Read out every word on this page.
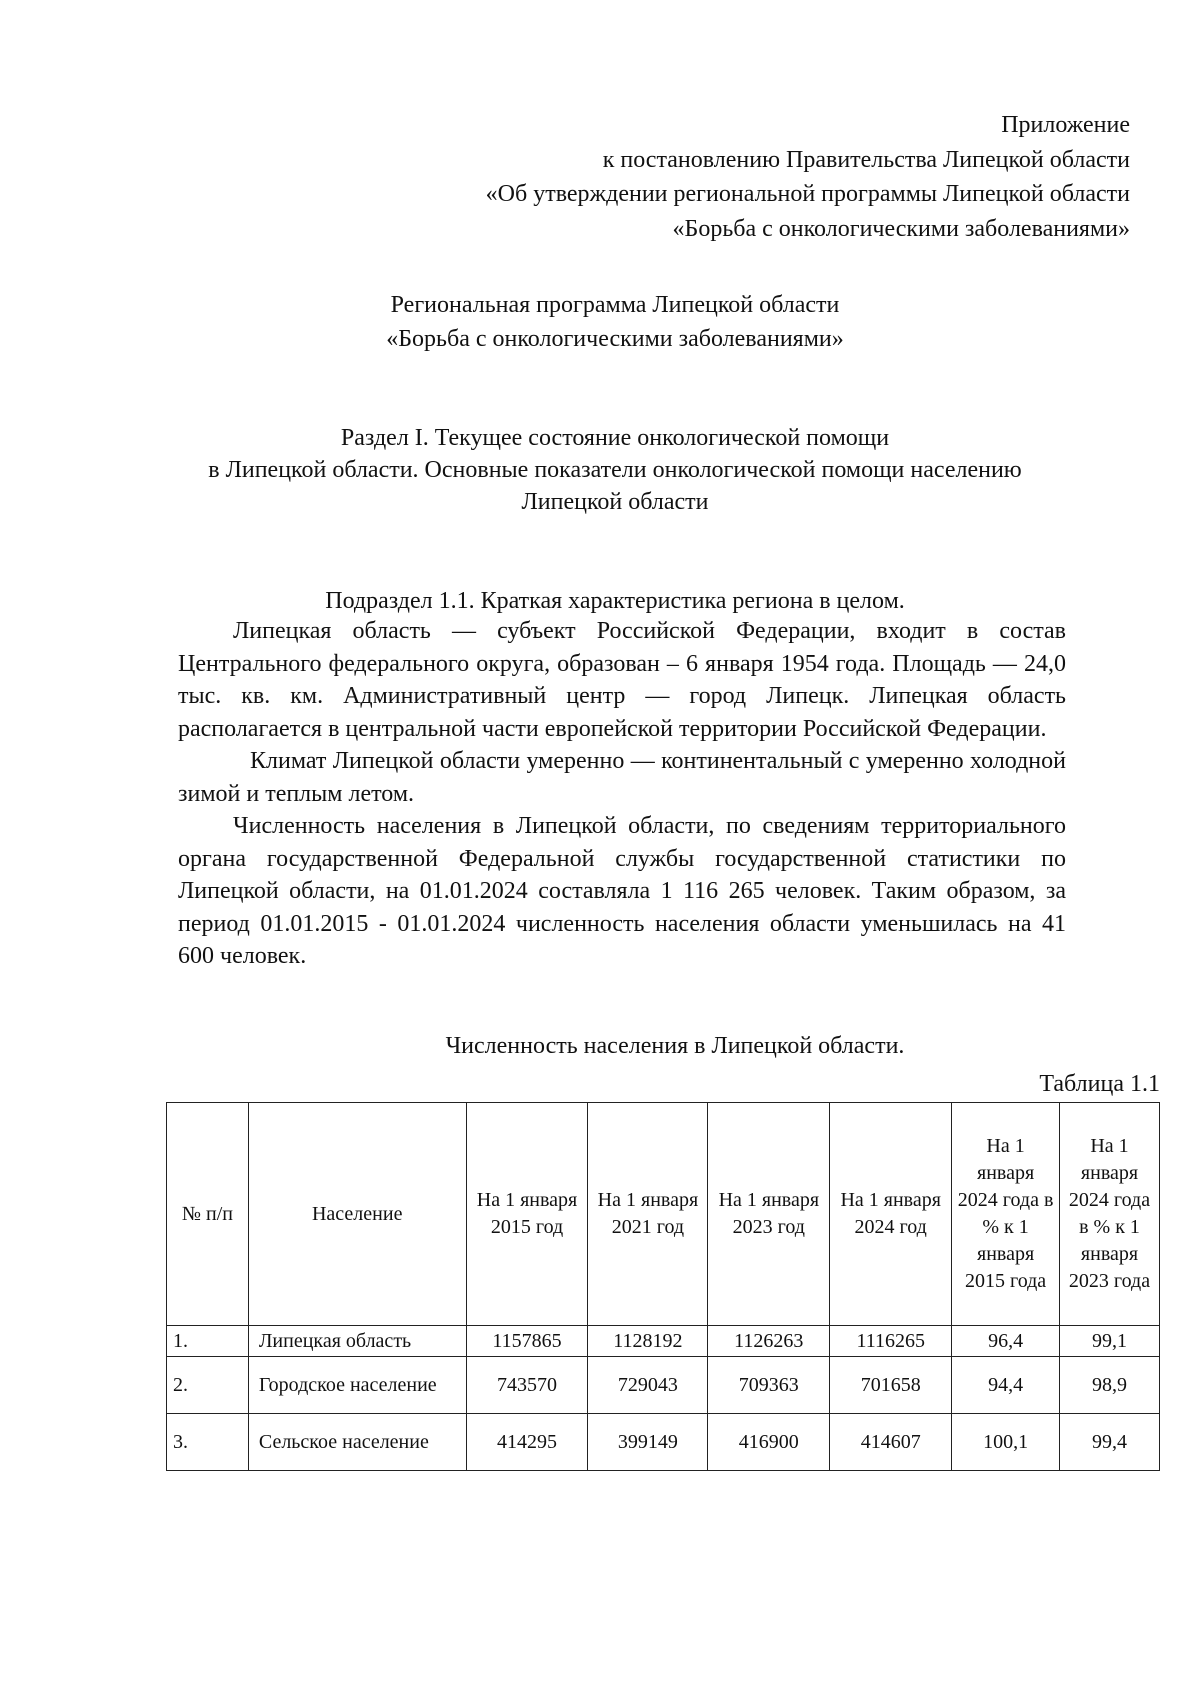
Приложение
к постановлению Правительства Липецкой области
«Об утверждении региональной программы Липецкой области
«Борьба с онкологическими заболеваниями»
Региональная программа Липецкой области
«Борьба с онкологическими заболеваниями»
Раздел I. Текущее состояние онкологической помощи
в Липецкой области. Основные показатели онкологической помощи населению
Липецкой области
Подраздел 1.1. Краткая характеристика региона в целом.

Липецкая область — субъект Российской Федерации, входит в состав Центрального федерального округа, образован – 6 января 1954 года. Площадь — 24,0 тыс. кв. км. Административный центр — город Липецк. Липецкая область располагается в центральной части европейской территории Российской Федерации.

Климат Липецкой области умеренно — континентальный с умеренно холодной зимой и теплым летом.

Численность населения в Липецкой области, по сведениям территориального органа государственной Федеральной службы государственной статистики по Липецкой области, на 01.01.2024 составляла 1 116 265 человек. Таким образом, за период 01.01.2015 - 01.01.2024 численность населения области уменьшилась на 41 600 человек.

Численность населения в Липецкой области.
Таблица 1.1
№ п/п	Население	На 1 января 2015 год	На 1 января 2021 год	На 1 января 2023 год	На 1 января 2024 год	На 1 января 2024 года в % к 1 января 2015 года	На 1 января 2024 года в % к 1 января 2023 года
1.	Липецкая область	1157865	1128192	1126263	1116265	96,4	99,1
2.	Городское население	743570	729043	709363	701658	94,4	98,9
3.	Сельское население	414295	399149	416900	414607	100,1	99,4
